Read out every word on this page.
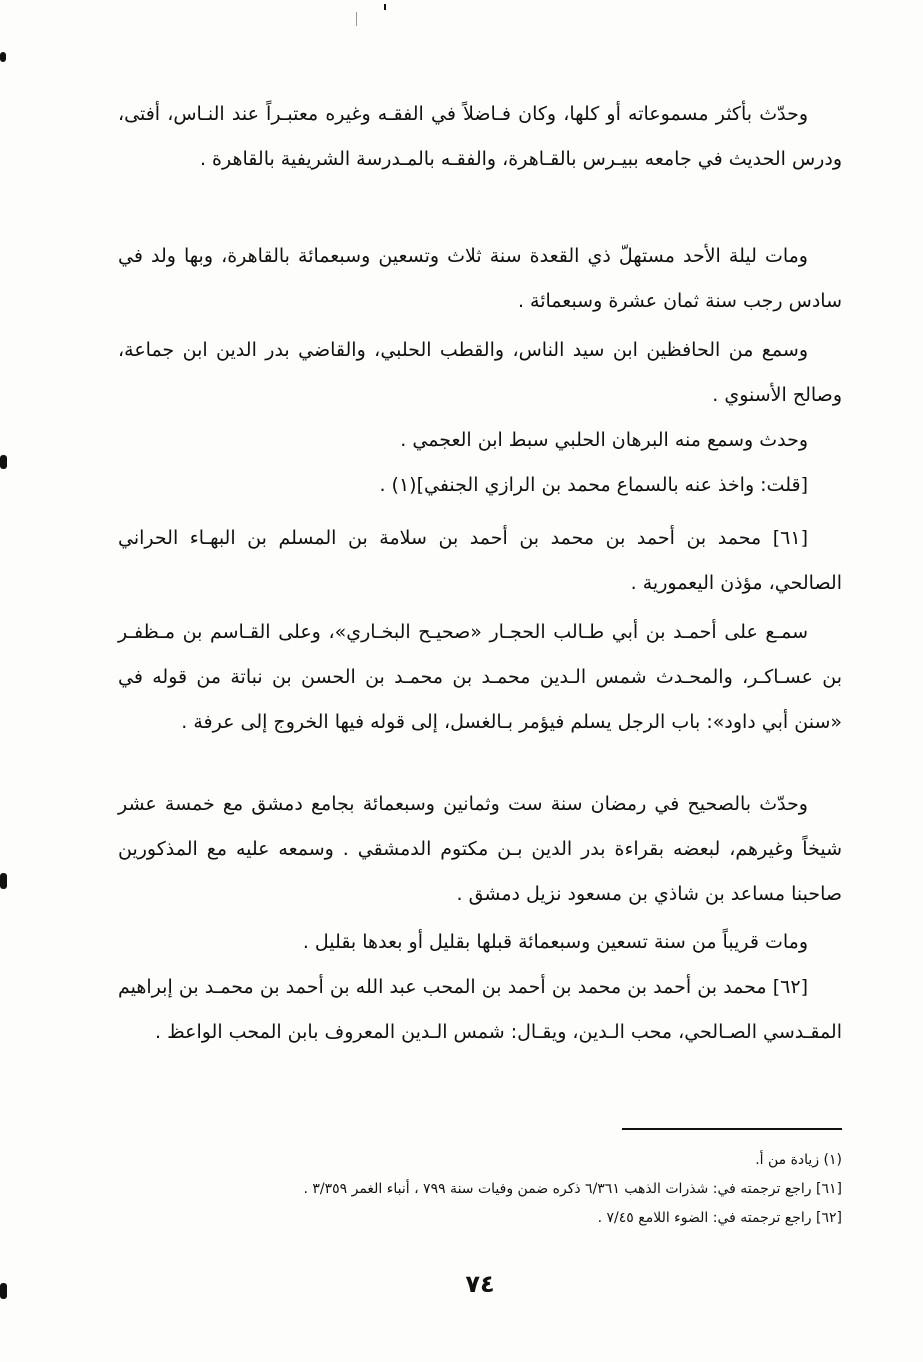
وحدّث بأكثر مسموعاته أو كلها، وكان فـاضلاً في الفقـه وغيره معتبـراً عند النـاس، أفتى، ودرس الحديث في جامعه ببيـرس بالقـاهرة، والفقـه بالمـدرسة الشريفية بالقاهرة .

ومات ليلة الأحد مستهلّ ذي القعدة سنة ثلاث وتسعين وسبعمائة بالقاهرة، وبها ولد في سادس رجب سنة ثمان عشرة وسبعمائة .

وسمع من الحافظين ابن سيد الناس، والقطب الحلبي، والقاضي بدر الدين ابن جماعة، وصالح الأسنوي .

وحدث وسمع منه البرهان الحلبي سبط ابن العجمي .

[قلت: واخذ عنه بالسماع محمد بن الرازي الجنفي](١) .

[٦١] محمد بن أحمد بن محمد بن أحمد بن سلامة بن المسلم بن البهـاء الحراني الصالحي، مؤذن اليعمورية .

سمـع على أحمـد بن أبي طـالب الحجـار «صحيـح البخـاري»، وعلى القـاسم بن مـظفـر بن عسـاكـر، والمحـدث شمس الـدين محمـد بن محمـد بن الحسن بن نباتة من قوله في «سنن أبي داود»: باب الرجل يسلم فيؤمر بـالغسل، إلى قوله فيها الخروج إلى عرفة .

وحدّث بالصحيح في رمضان سنة ست وثمانين وسبعمائة بجامع دمشق مع خمسة عشر شيخاً وغيرهم، لبعضه بقراءة بدر الدين بـن مكتوم الدمشقي . وسمعه عليه مع المذكورين صاحبنا مساعد بن شاذي بن مسعود نزيل دمشق .

ومات قريباً من سنة تسعين وسبعمائة قبلها بقليل أو بعدها بقليل .

[٦٢] محمد بن أحمد بن محمد بن أحمد بن المحب عبد الله بن أحمد بن محمـد بن إبراهيم المقـدسي الصـالحي، محب الـدين، ويقـال: شمس الـدين المعروف بابن المحب الواعظ .

(١) زيادة من أ.

[٦١] راجع ترجمته في: شذرات الذهب ٦/٣٦١ ذكره ضمن وفيات سنة ٧٩٩ ، أنباء الغمر ٣/٣٥٩ .

[٦٢] راجع ترجمته في: الضوء اللامع ٧/٤٥ .

٧٤
